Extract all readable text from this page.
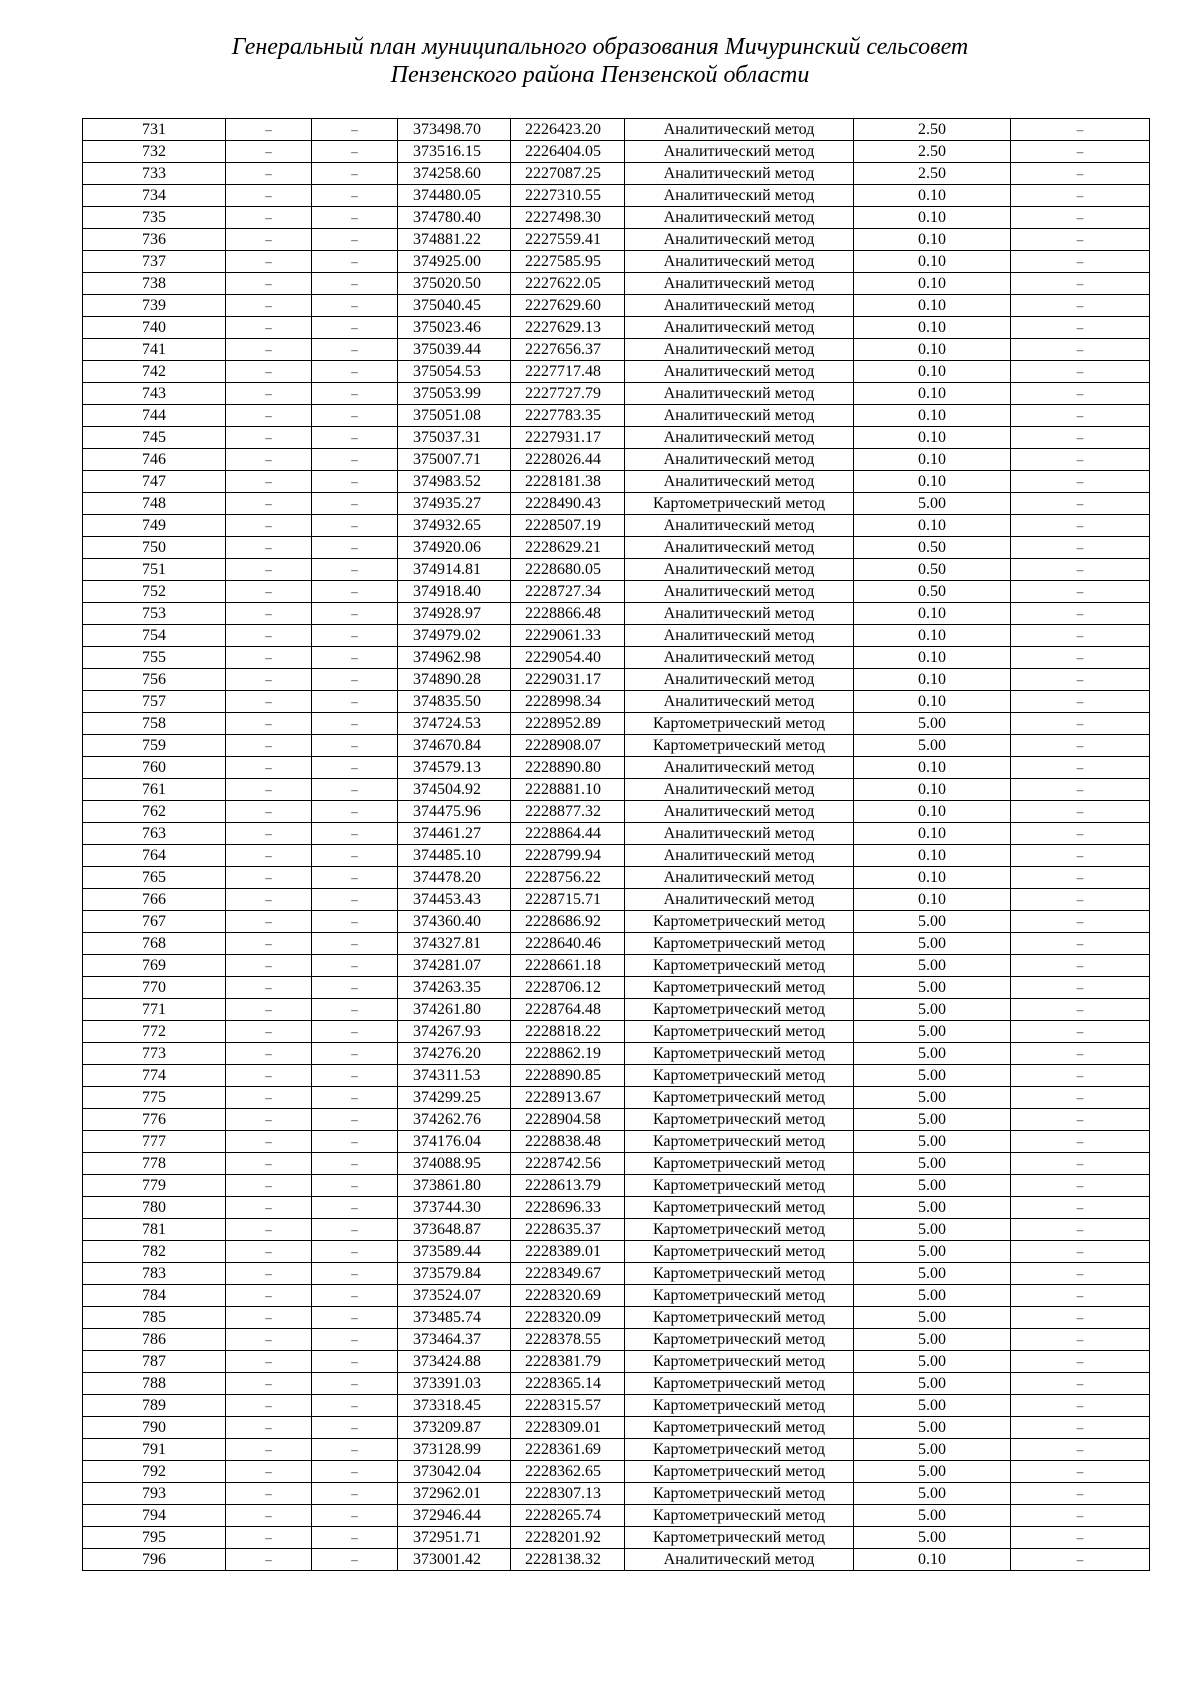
Генеральный план муниципального образования Мичуринский сельсовет
Пензенского района Пензенской области
731	–	–	373498.70	2226423.20	Аналитический метод	2.50	–
732	–	–	373516.15	2226404.05	Аналитический метод	2.50	–
733	–	–	374258.60	2227087.25	Аналитический метод	2.50	–
734	–	–	374480.05	2227310.55	Аналитический метод	0.10	–
735	–	–	374780.40	2227498.30	Аналитический метод	0.10	–
736	–	–	374881.22	2227559.41	Аналитический метод	0.10	–
737	–	–	374925.00	2227585.95	Аналитический метод	0.10	–
738	–	–	375020.50	2227622.05	Аналитический метод	0.10	–
739	–	–	375040.45	2227629.60	Аналитический метод	0.10	–
740	–	–	375023.46	2227629.13	Аналитический метод	0.10	–
741	–	–	375039.44	2227656.37	Аналитический метод	0.10	–
742	–	–	375054.53	2227717.48	Аналитический метод	0.10	–
743	–	–	375053.99	2227727.79	Аналитический метод	0.10	–
744	–	–	375051.08	2227783.35	Аналитический метод	0.10	–
745	–	–	375037.31	2227931.17	Аналитический метод	0.10	–
746	–	–	375007.71	2228026.44	Аналитический метод	0.10	–
747	–	–	374983.52	2228181.38	Аналитический метод	0.10	–
748	–	–	374935.27	2228490.43	Картометрический метод	5.00	–
749	–	–	374932.65	2228507.19	Аналитический метод	0.10	–
750	–	–	374920.06	2228629.21	Аналитический метод	0.50	–
751	–	–	374914.81	2228680.05	Аналитический метод	0.50	–
752	–	–	374918.40	2228727.34	Аналитический метод	0.50	–
753	–	–	374928.97	2228866.48	Аналитический метод	0.10	–
754	–	–	374979.02	2229061.33	Аналитический метод	0.10	–
755	–	–	374962.98	2229054.40	Аналитический метод	0.10	–
756	–	–	374890.28	2229031.17	Аналитический метод	0.10	–
757	–	–	374835.50	2228998.34	Аналитический метод	0.10	–
758	–	–	374724.53	2228952.89	Картометрический метод	5.00	–
759	–	–	374670.84	2228908.07	Картометрический метод	5.00	–
760	–	–	374579.13	2228890.80	Аналитический метод	0.10	–
761	–	–	374504.92	2228881.10	Аналитический метод	0.10	–
762	–	–	374475.96	2228877.32	Аналитический метод	0.10	–
763	–	–	374461.27	2228864.44	Аналитический метод	0.10	–
764	–	–	374485.10	2228799.94	Аналитический метод	0.10	–
765	–	–	374478.20	2228756.22	Аналитический метод	0.10	–
766	–	–	374453.43	2228715.71	Аналитический метод	0.10	–
767	–	–	374360.40	2228686.92	Картометрический метод	5.00	–
768	–	–	374327.81	2228640.46	Картометрический метод	5.00	–
769	–	–	374281.07	2228661.18	Картометрический метод	5.00	–
770	–	–	374263.35	2228706.12	Картометрический метод	5.00	–
771	–	–	374261.80	2228764.48	Картометрический метод	5.00	–
772	–	–	374267.93	2228818.22	Картометрический метод	5.00	–
773	–	–	374276.20	2228862.19	Картометрический метод	5.00	–
774	–	–	374311.53	2228890.85	Картометрический метод	5.00	–
775	–	–	374299.25	2228913.67	Картометрический метод	5.00	–
776	–	–	374262.76	2228904.58	Картометрический метод	5.00	–
777	–	–	374176.04	2228838.48	Картометрический метод	5.00	–
778	–	–	374088.95	2228742.56	Картометрический метод	5.00	–
779	–	–	373861.80	2228613.79	Картометрический метод	5.00	–
780	–	–	373744.30	2228696.33	Картометрический метод	5.00	–
781	–	–	373648.87	2228635.37	Картометрический метод	5.00	–
782	–	–	373589.44	2228389.01	Картометрический метод	5.00	–
783	–	–	373579.84	2228349.67	Картометрический метод	5.00	–
784	–	–	373524.07	2228320.69	Картометрический метод	5.00	–
785	–	–	373485.74	2228320.09	Картометрический метод	5.00	–
786	–	–	373464.37	2228378.55	Картометрический метод	5.00	–
787	–	–	373424.88	2228381.79	Картометрический метод	5.00	–
788	–	–	373391.03	2228365.14	Картометрический метод	5.00	–
789	–	–	373318.45	2228315.57	Картометрический метод	5.00	–
790	–	–	373209.87	2228309.01	Картометрический метод	5.00	–
791	–	–	373128.99	2228361.69	Картометрический метод	5.00	–
792	–	–	373042.04	2228362.65	Картометрический метод	5.00	–
793	–	–	372962.01	2228307.13	Картометрический метод	5.00	–
794	–	–	372946.44	2228265.74	Картометрический метод	5.00	–
795	–	–	372951.71	2228201.92	Картометрический метод	5.00	–
796	–	–	373001.42	2228138.32	Аналитический метод	0.10	–
